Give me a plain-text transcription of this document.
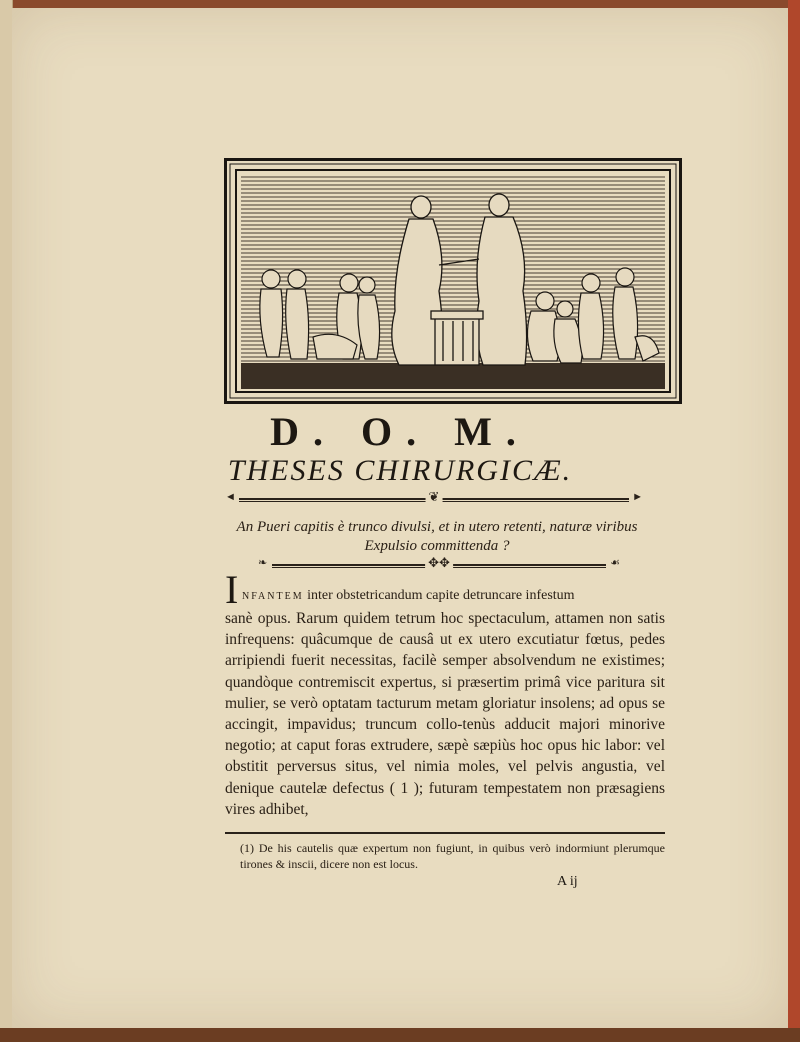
D. O. M.
THESES CHIRURGICÆ.
◄	❦	►
An Pueri capitis è trunco divulsi, et in utero retenti, naturæ viribus
Expulsio committenda ?
❧	✥✥	☙
I NFANTEM inter obstetricandum capite detruncare infestum

sanè opus. Rarum quidem tetrum hoc spectaculum, attamen non satis infrequens: quâcumque de causâ ut ex utero excutiatur fœtus, pedes arripiendi fuerit necessitas, facilè semper absolvendum ne existimes; quandòque contremiscit expertus, si præsertim primâ vice paritura sit mulier, se verò optatam tacturum metam gloriatur insolens; ad opus se accingit, impavidus; truncum collo-tenùs adducit majori minorive negotio; at caput foras extrudere, sæpè sæpiùs hoc opus hic labor: vel obstitit perversus situs, vel nimia moles, vel pelvis angustia, vel denique cautelæ defectus ( 1 ); futuram tempestatem non præsagiens vires adhibet,

(1) De his cautelis quæ expertum non fugiunt, in quibus verò indormiunt plerumque tirones & inscii, dicere non est locus.
A ij
